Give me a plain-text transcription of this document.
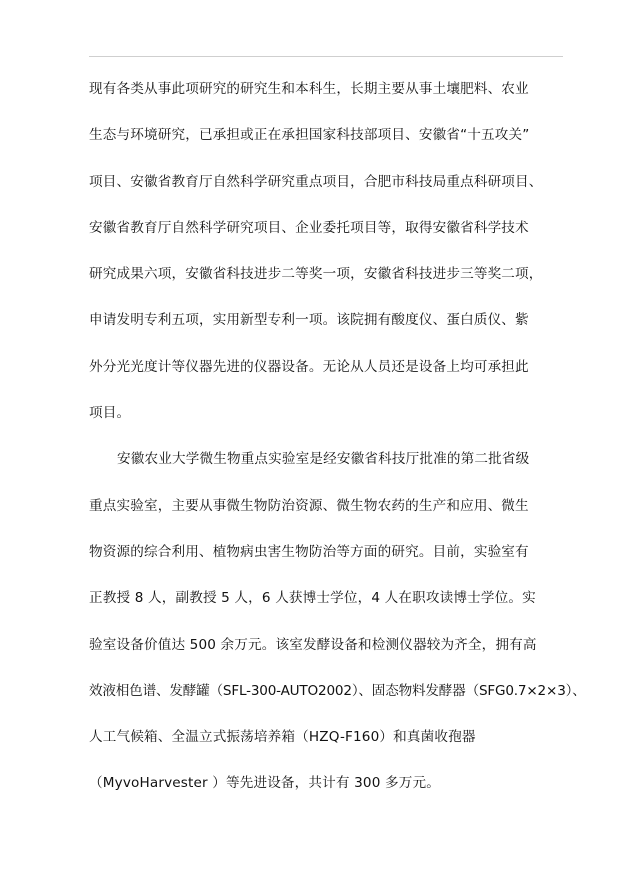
现有各类从事此项研究的研究生和本科生，长期主要从事土壤肥料、农业
生态与环境研究，已承担或正在承担国家科技部项目、安徽省“十五攻关”
项目、安徽省教育厅自然科学研究重点项目，合肥市科技局重点科研项目、
安徽省教育厅自然科学研究项目、企业委托项目等，取得安徽省科学技术
研究成果六项，安徽省科技进步二等奖一项，安徽省科技进步三等奖二项，
申请发明专利五项，实用新型专利一项。该院拥有酸度仪、蛋白质仪、紫
外分光光度计等仪器先进的仪器设备。无论从人员还是设备上均可承担此
项目。
安徽农业大学微生物重点实验室是经安徽省科技厅批准的第二批省级
重点实验室，主要从事微生物防治资源、微生物农药的生产和应用、微生
物资源的综合利用、植物病虫害生物防治等方面的研究。目前，实验室有
正教授 8 人，副教授 5 人，6 人获博士学位，4 人在职攻读博士学位。实
验室设备价值达 500 余万元。该室发酵设备和检测仪器较为齐全，拥有高
效液相色谱、发酵罐（SFL-300-AUTO2002）、固态物料发酵器（SFG0.7×2×3）、
人工气候箱、全温立式振荡培养箱（HZQ-F160）和真菌收孢器
（MyvoHarvester ）等先进设备，共计有 300 多万元。
